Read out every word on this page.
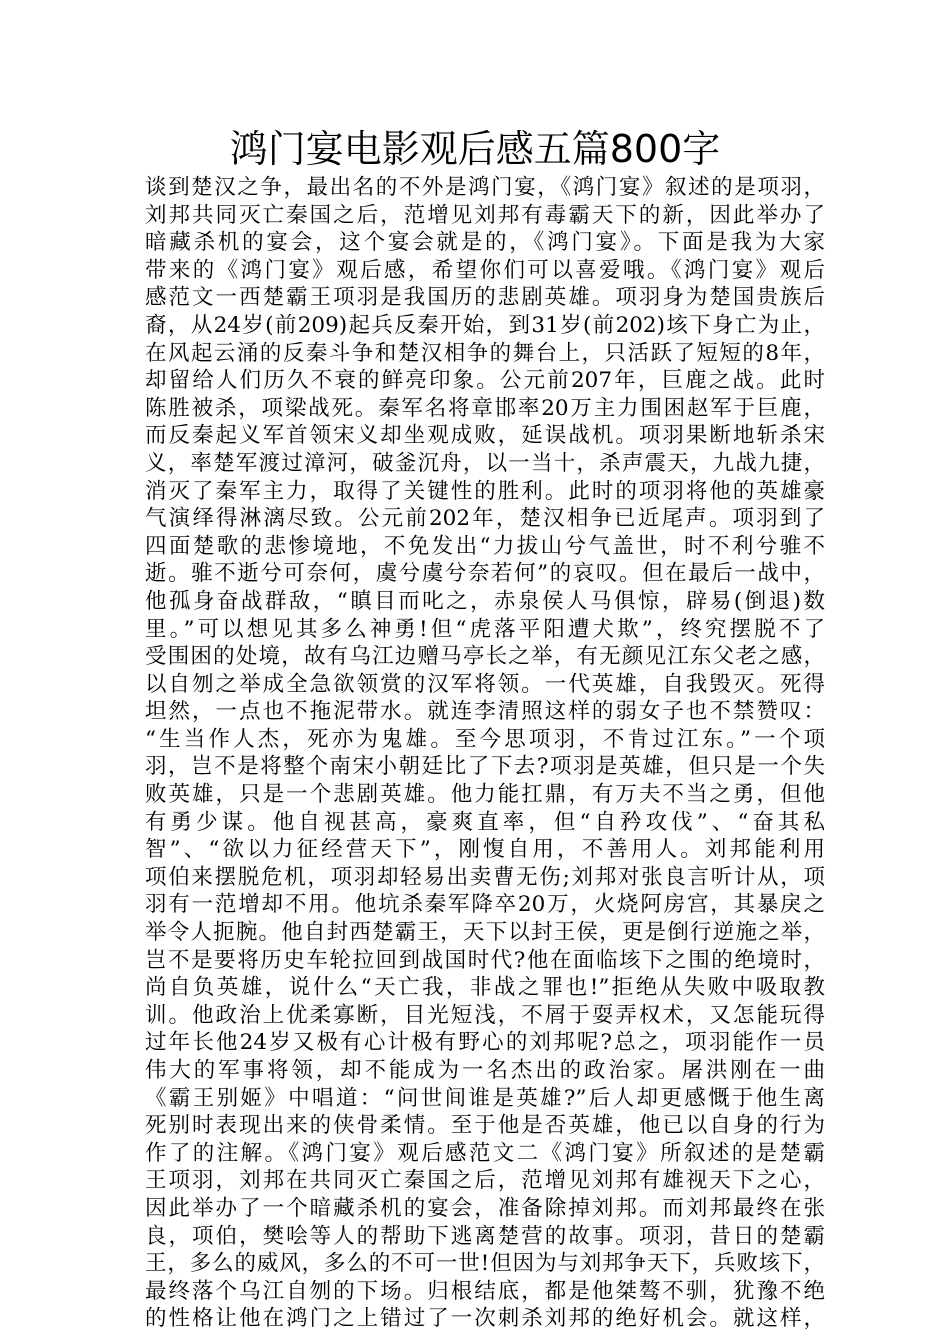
鸿门宴电影观后感五篇800字
谈到楚汉之争，最出名的不外是鸿门宴，《鸿门宴》叙述的是项羽，
刘邦共同灭亡秦国之后，范增见刘邦有毒霸天下的新，因此举办了
暗藏杀机的宴会，这个宴会就是的，《鸿门宴》。下面是我为大家
带来的《鸿门宴》观后感，希望你们可以喜爱哦。《鸿门宴》观后
感范文一西楚霸王项羽是我国历的悲剧英雄。项羽身为楚国贵族后
裔，从24岁(前209)起兵反秦开始，到31岁(前202)垓下身亡为止，
在风起云涌的反秦斗争和楚汉相争的舞台上，只活跃了短短的8年，
却留给人们历久不衰的鲜亮印象。公元前207年，巨鹿之战。此时
陈胜被杀，项梁战死。秦军名将章邯率20万主力围困赵军于巨鹿，
而反秦起义军首领宋义却坐观成败，延误战机。项羽果断地斩杀宋
义，率楚军渡过漳河，破釜沉舟，以一当十，杀声震天，九战九捷，
消灭了秦军主力，取得了关键性的胜利。此时的项羽将他的英雄豪
气演绎得淋漓尽致。公元前202年，楚汉相争已近尾声。项羽到了
四面楚歌的悲惨境地，不免发出“力拔山兮气盖世，时不利兮骓不
逝。骓不逝兮可奈何，虞兮虞兮奈若何”的哀叹。但在最后一战中，
他孤身奋战群敌，“瞋目而叱之，赤泉侯人马俱惊，辟易(倒退)数
里。”可以想见其多么神勇!但“虎落平阳遭犬欺”，终究摆脱不了
受围困的处境，故有乌江边赠马亭长之举，有无颜见江东父老之感，
以自刎之举成全急欲领赏的汉军将领。一代英雄，自我毁灭。死得
坦然，一点也不拖泥带水。就连李清照这样的弱女子也不禁赞叹：
“生当作人杰，死亦为鬼雄。至今思项羽，不肯过江东。”一个项
羽，岂不是将整个南宋小朝廷比了下去?项羽是英雄，但只是一个失
败英雄，只是一个悲剧英雄。他力能扛鼎，有万夫不当之勇，但他
有勇少谋。他自视甚高，豪爽直率，但“自矜攻伐”、“奋其私
智”、“欲以力征经营天下”，刚愎自用，不善用人。刘邦能利用
项伯来摆脱危机，项羽却轻易出卖曹无伤;刘邦对张良言听计从，项
羽有一范增却不用。他坑杀秦军降卒20万，火烧阿房宫，其暴戾之
举令人扼腕。他自封西楚霸王，天下以封王侯，更是倒行逆施之举，
岂不是要将历史车轮拉回到战国时代?他在面临垓下之围的绝境时，
尚自负英雄，说什么“天亡我，非战之罪也!”拒绝从失败中吸取教
训。他政治上优柔寡断，目光短浅，不屑于耍弄权术，又怎能玩得
过年长他24岁又极有心计极有野心的刘邦呢?总之，项羽能作一员
伟大的军事将领，却不能成为一名杰出的政治家。屠洪刚在一曲
《霸王别姬》中唱道：“问世间谁是英雄?”后人却更感慨于他生离
死别时表现出来的侠骨柔情。至于他是否英雄，他已以自身的行为
作了的注解。《鸿门宴》观后感范文二《鸿门宴》所叙述的是楚霸
王项羽，刘邦在共同灭亡秦国之后，范增见刘邦有雄视天下之心，
因此举办了一个暗藏杀机的宴会，准备除掉刘邦。而刘邦最终在张
良，项伯，樊哙等人的帮助下逃离楚营的故事。项羽，昔日的楚霸
王，多么的威风，多么的不可一世!但因为与刘邦争天下，兵败垓下，
最终落个乌江自刎的下场。归根结底，都是他桀骜不驯，犹豫不绝
的性格让他在鸿门之上错过了一次刺杀刘邦的绝好机会。就这样，
